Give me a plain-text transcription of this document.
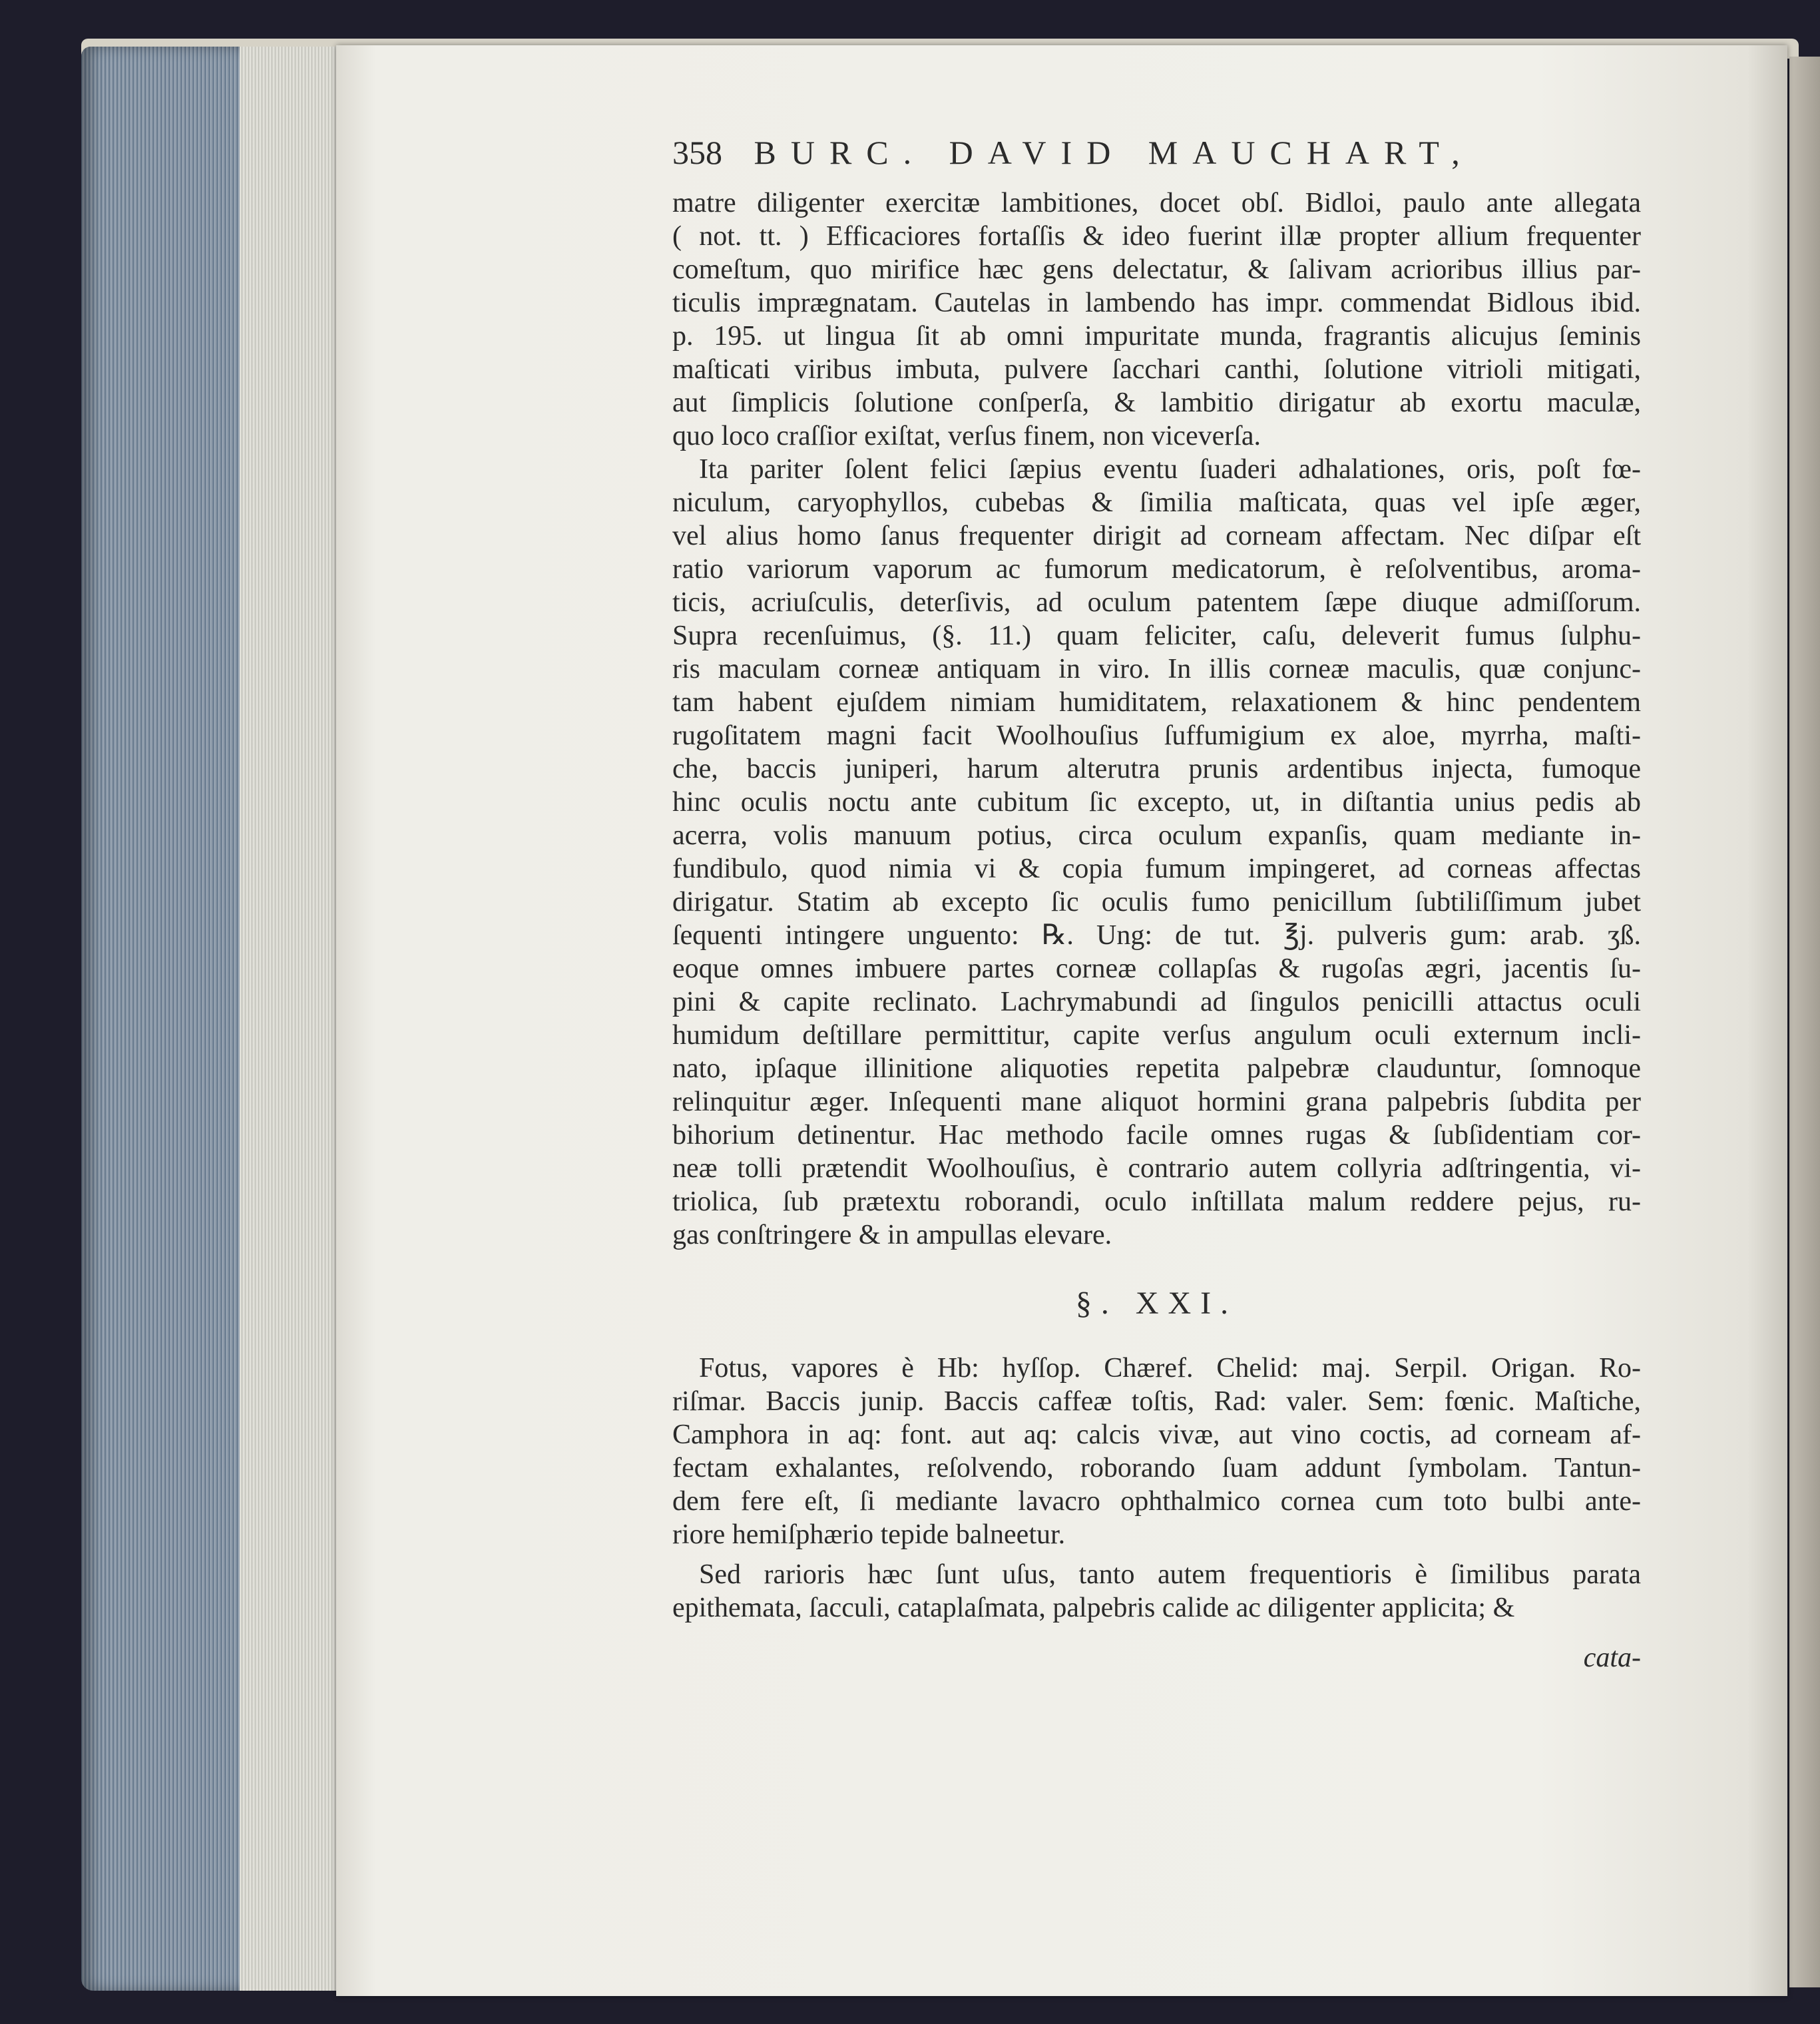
358 BURC. DAVID MAUCHART,
matre diligenter exercitæ lambitiones, docet obſ. Bidloi, paulo ante allegata
( not. tt. ) Efficaciores fortaſſis & ideo fuerint illæ propter allium frequenter
comeſtum, quo mirifice hæc gens delectatur, & ſalivam acrioribus illius par-
ticulis impr​ægnatam. Cautelas in lambendo has impr. commendat Bidlous ibid.
p. 195. ut lingua ſit ab omni impuritate munda, fragrantis alicujus ſeminis
maſticati viribus imbuta, pulvere ſacchari canthi, ſolutione vitrioli mitigati,
aut ſimplicis ſolutione conſperſa, & lambitio dirigatur ab exortu maculæ,
quo loco craſſior exiſtat, verſus finem, non viceverſa.
Ita pariter ſolent felici ſæpius eventu ſuaderi adhalationes, oris, poſt fœ-
niculum, caryophyllos, cubebas & ſimilia maſticata, quas vel ipſe æger,
vel alius homo ſanus frequenter dirigit ad corneam affectam. Nec diſpar eſt
ratio variorum vaporum ac fumorum medicatorum, è reſolventibus, aroma-
ticis, acriuſculis, deterſivis, ad oculum patentem ſæpe diuque admiſſorum.
Supra recenſuimus, (§. 11.) quam feliciter, caſu, deleverit fumus ſulphu-
ris maculam corneæ antiquam in viro. In illis corneæ maculis, quæ conjunc-
tam habent ejuſdem nimiam humiditatem, relaxationem & hinc pendentem
rugoſitatem magni facit Woolhouſius ſuffumigium ex aloe, myrrha, maſti-
che, baccis juniperi, harum alterutra prunis ardentibus injecta, fumoque
hinc oculis noctu ante cubitum ſic excepto, ut, in diſtantia unius pedis ab
acerra, volis manuum potius, circa oculum expanſis, quam mediante in-
fundibulo, quod nimia vi & copia fumum impingeret, ad corneas affectas
dirigatur. Statim ab excepto ſic oculis fumo penicillum ſubtiliſſimum jubet
ſequenti intingere unguento: ℞. Ung: de tut. ℥j. pulveris gum: arab. ʒß.
eoque omnes imbuere partes corneæ collapſas & rugoſas ægri, jacentis ſu-
pini & capite reclinato. Lachrymabundi ad ſingulos penicilli attactus oculi
humidum deſtillare permittitur, capite verſus angulum oculi externum incli-
nato, ipſaque illinitione aliquoties repetita palpebræ clauduntur, ſomnoque
relinquitur æger. Inſequenti mane aliquot hormini grana palpebris ſubdita per
bihorium detinentur. Hac methodo facile omnes rugas & ſubſidentiam cor-
neæ tolli prætendit Woolhouſius, è contrario autem collyria adſtringentia, vi-
triolica, ſub prætextu roborandi, oculo inſtillata malum reddere pejus, ru-
gas conſtringere & in ampullas elevare.
§. XXI.
Fotus, vapores è Hb: hyſſop. Chæref. Chelid: maj. Serpil. Origan. Ro-
riſmar. Baccis junip. Baccis caffeæ toſtis, Rad: valer. Sem: fœnic. Maſtiche,
Camphora in aq: font. aut aq: calcis vivæ, aut vino coctis, ad corneam af-
fectam exhalantes, reſolvendo, roborando ſuam addunt ſymbolam. Tantun-
dem fere eſt, ſi mediante lavacro ophthalmico cornea cum toto bulbi ante-
riore hemiſphærio tepide balneetur.
Sed rarioris hæc ſunt uſus, tanto autem frequentioris è ſimilibus parata
epithemata, ſacculi, cataplaſmata, palpebris calide ac diligenter applicita; &
cata-
